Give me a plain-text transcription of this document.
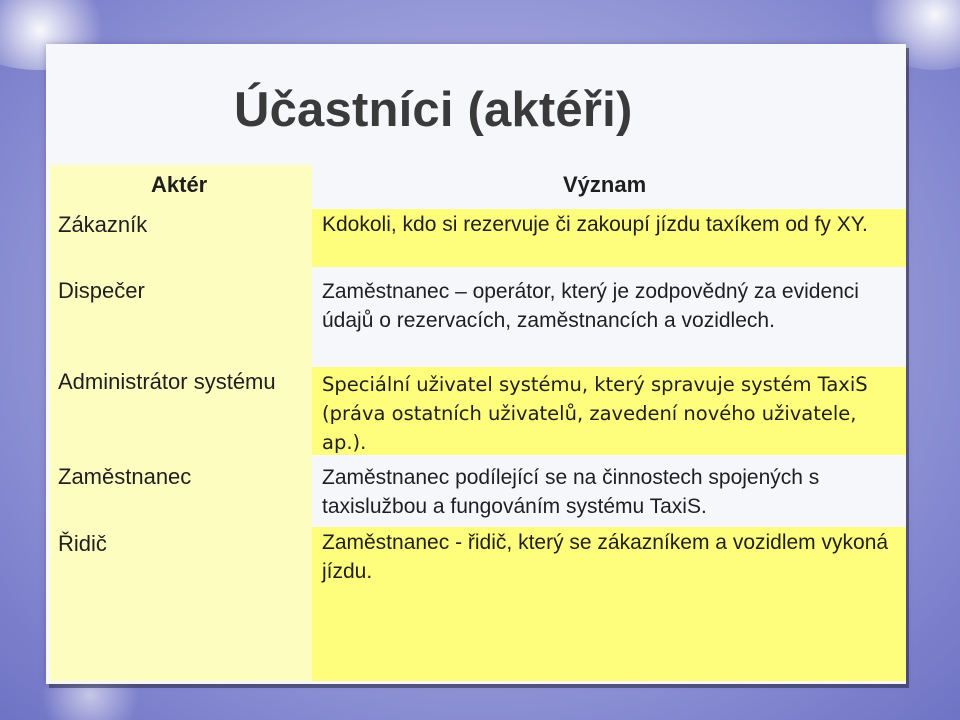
Účastníci (aktéři)
Aktér	Význam
Zákazník	Kdokoli, kdo si rezervuje či zakoupí jízdu taxíkem od fy XY.
Dispečer	Zaměstnanec – operátor, který je zodpovědný za evidenci údajů o rezervacích, zaměstnancích a vozidlech.
Administrátor systému	Speciální uživatel systému, který spravuje systém TaxiS (práva ostatních uživatelů, zavedení nového uživatele, ap.).
Zaměstnanec	Zaměstnanec podílející se na činnostech spojených s taxislužbou a fungováním systému TaxiS.
Řidič	Zaměstnanec - řidič, který se zákazníkem a vozidlem vykoná jízdu.
